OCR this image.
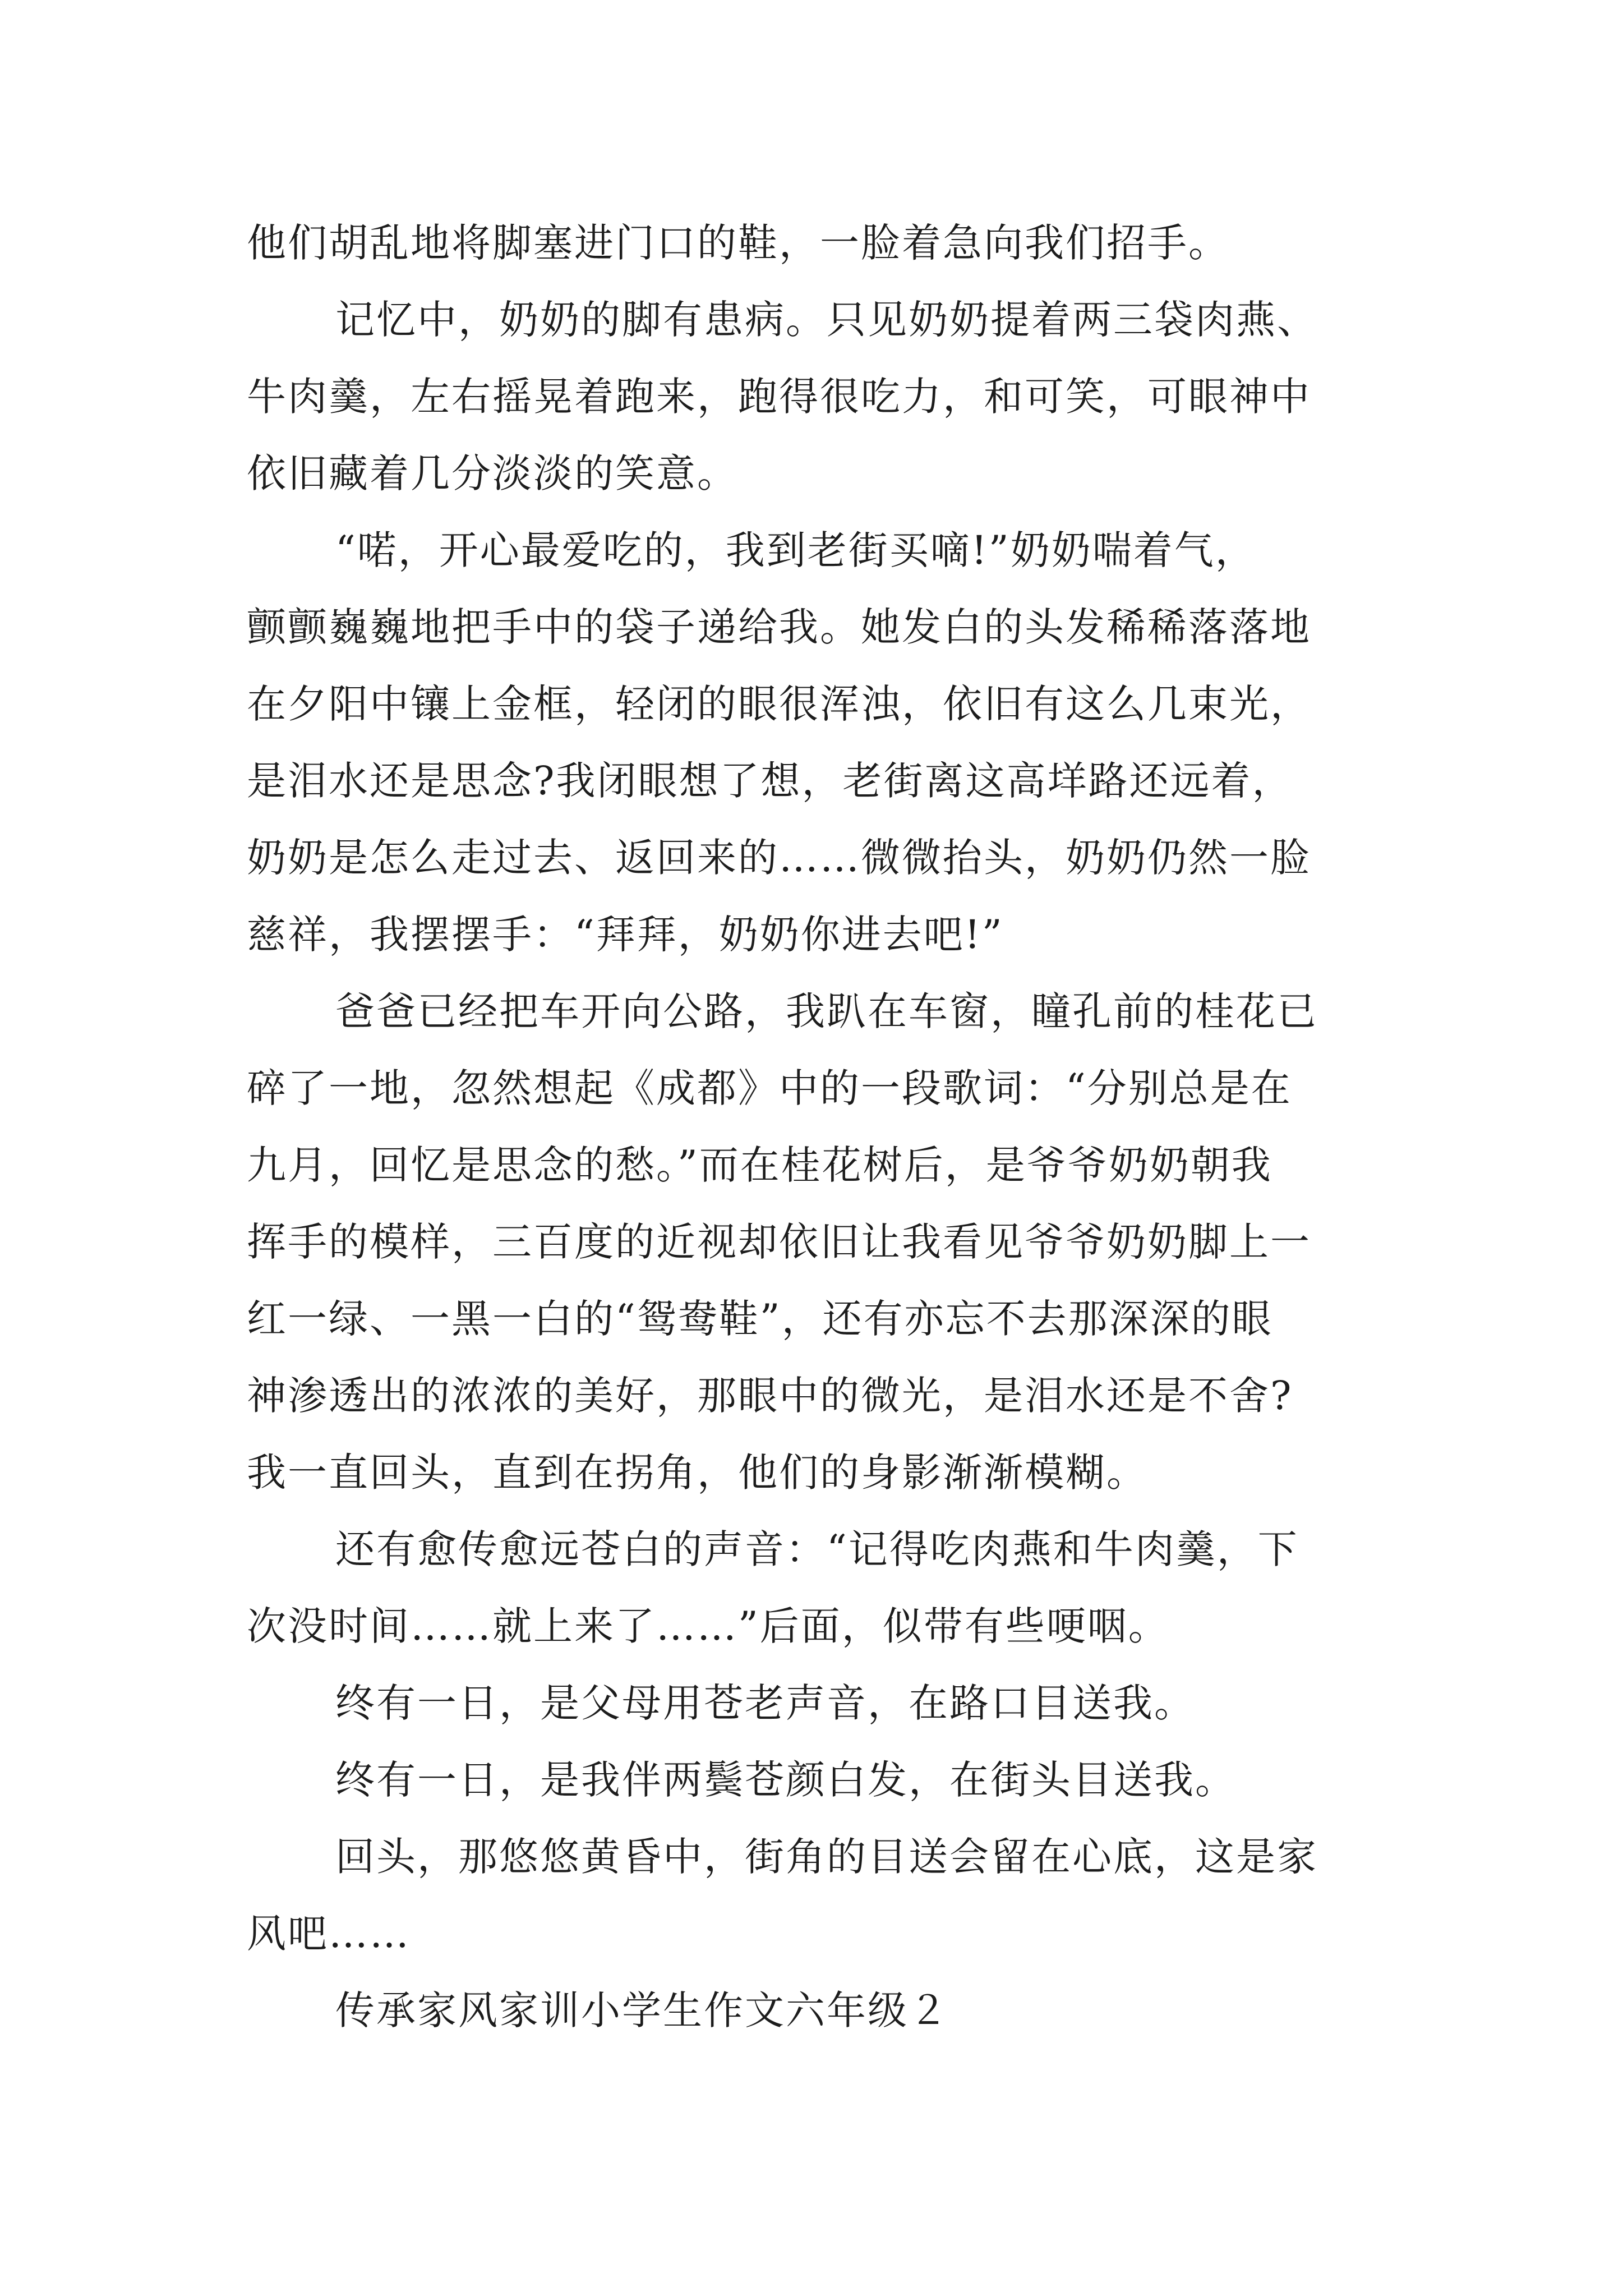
他们胡乱地将脚塞进门口的鞋，一脸着急向我们招手。
记忆中，奶奶的脚有患病。只见奶奶提着两三袋肉燕、
牛肉羹，左右摇晃着跑来，跑得很吃力，和可笑，可眼神中
依旧藏着几分淡淡的笑意。
“喏，开心最爱吃的，我到老街买嘀!”奶奶喘着气，
颤颤巍巍地把手中的袋子递给我。她发白的头发稀稀落落地
在夕阳中镶上金框，轻闭的眼很浑浊，依旧有这么几束光，
是泪水还是思念?我闭眼想了想，老街离这高垟路还远着，
奶奶是怎么走过去、返回来的……微微抬头，奶奶仍然一脸
慈祥，我摆摆手：“拜拜，奶奶你进去吧!”
爸爸已经把车开向公路，我趴在车窗，瞳孔前的桂花已
碎了一地，忽然想起《成都》中的一段歌词：“分别总是在
九月，回忆是思念的愁。”而在桂花树后，是爷爷奶奶朝我
挥手的模样，三百度的近视却依旧让我看见爷爷奶奶脚上一
红一绿、一黑一白的“鸳鸯鞋”，还有亦忘不去那深深的眼
神渗透出的浓浓的美好，那眼中的微光，是泪水还是不舍?
我一直回头，直到在拐角，他们的身影渐渐模糊。
还有愈传愈远苍白的声音：“记得吃肉燕和牛肉羹，下
次没时间……就上来了……”后面，似带有些哽咽。
终有一日，是父母用苍老声音，在路口目送我。
终有一日，是我伴两鬓苍颜白发，在街头目送我。
回头，那悠悠黄昏中，街角的目送会留在心底，这是家
风吧……
传承家风家训小学生作文六年级２
